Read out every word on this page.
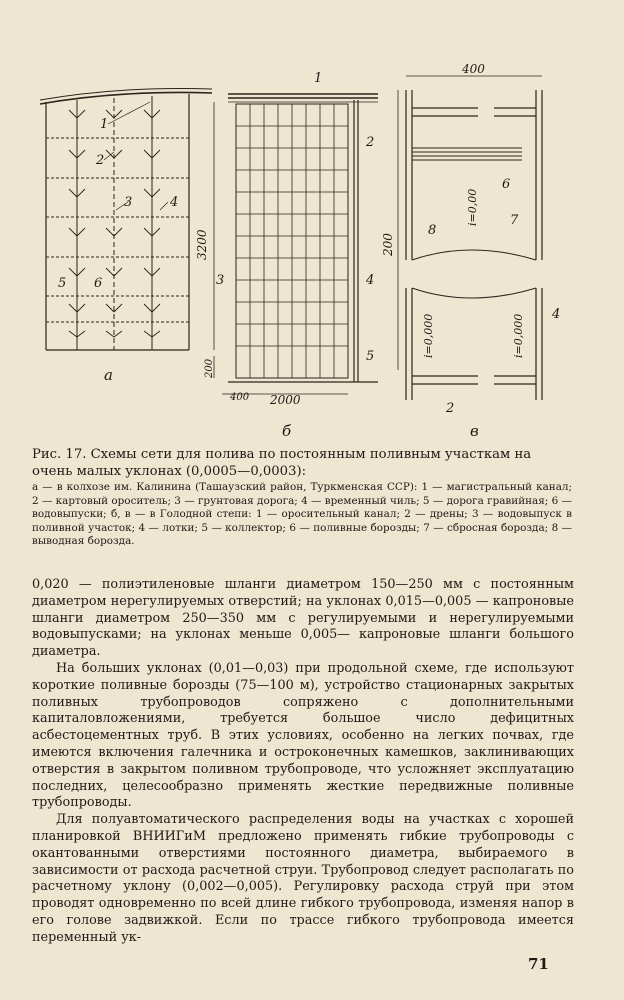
1
2
3	4
5 6
1
2
3	4
5
3200
200
2000
400
400
200
6
8
7
i=0,00
i=0,000	i=0,000 4
2
а
б	в
Рис. 17. Схемы сети для полива по постоянным поливным участкам на очень малых уклонах (0,0005—0,0003):
а — в колхозе им. Калинина (Ташаузский район, Туркменская ССР): 1 — магистральный канал; 2 — картовый ороситель; 3 — грунтовая дорога; 4 — временный чиль; 5 — дорога гравийная; 6 — водовыпуски; б, в — в Голодной степи: 1 — оросительный канал; 2 — дрены; 3 — водовыпуск в поливной участок; 4 — лотки; 5 — коллектор; 6 — поливные борозды; 7 — сбросная борозда; 8 — выводная борозда.

0,020 — полиэтиленовые шланги диаметром 150—250 мм с постоянным диаметром нерегулируемых отверстий; на уклонах 0,015—0,005 — капроновые шланги диаметром 250—350 мм с регулируемыми и нерегулируемыми водовыпусками; на уклонах меньше 0,005— капроновые шланги большого диаметра.

На больших уклонах (0,01—0,03) при продольной схеме, где используют короткие поливные борозды (75—100 м), устройство стационарных закрытых поливных трубопроводов сопряжено с дополнительными капиталовложениями, требуется большое число дефицитных асбестоцементных труб. В этих условиях, особенно на легких почвах, где имеются включения галечника и остроконечных камешков, заклинивающих отверстия в закрытом поливном трубопроводе, что усложняет эксплуатацию последних, целесообразно применять жесткие передвижные поливные трубопроводы.

Для полуавтоматического распределения воды на участках с хорошей планировкой ВНИИГиМ предложено применять гибкие трубопроводы с окантованными отверстиями постоянного диаметра, выбираемого в зависимости от расхода расчетной струи. Трубопровод следует располагать по расчетному уклону (0,002—0,005). Регулировку расхода струй при этом проводят одновременно по всей длине гибкого трубопровода, изменяя напор в его голове задвижкой. Если по трассе гибкого трубопровода имеется переменный ук-

71
